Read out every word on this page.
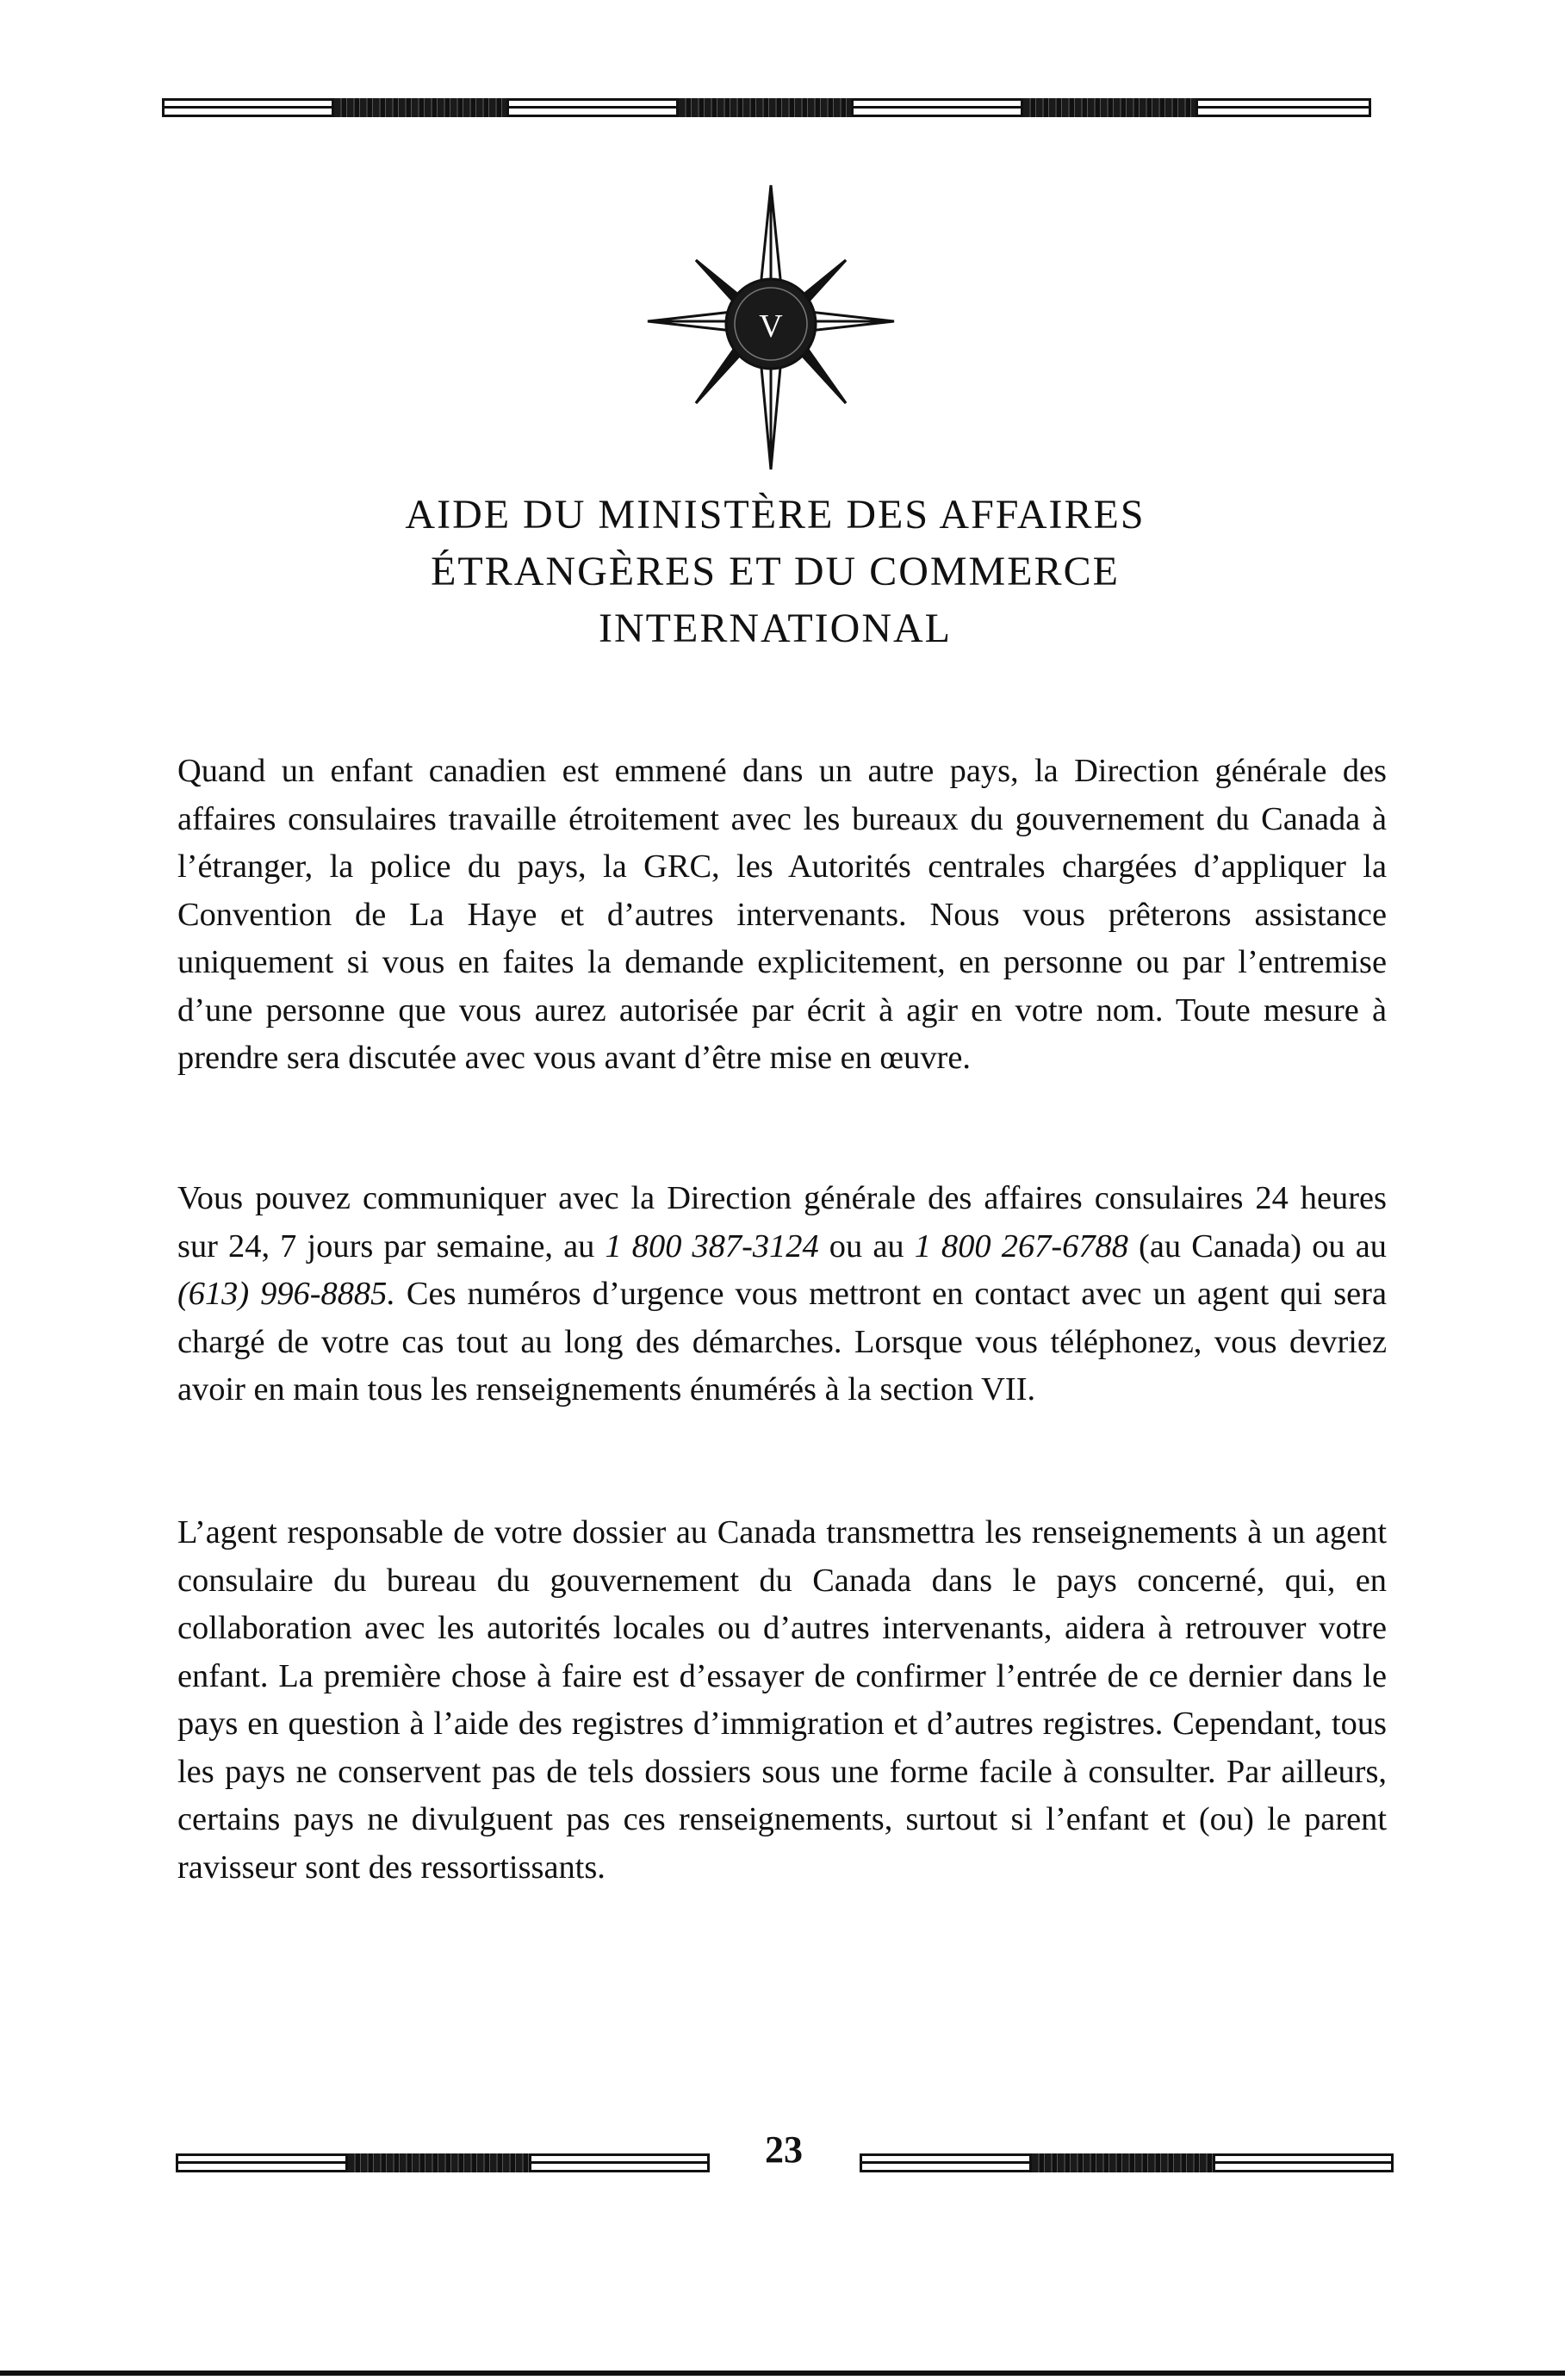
V
AIDE DU MINISTÈRE DES AFFAIRES
ÉTRANGÈRES ET DU COMMERCE
INTERNATIONAL

Quand un enfant canadien est emmené dans un autre pays, la Direction générale des affaires consulaires travaille étroitement avec les bureaux du gouvernement du Canada à l’étranger, la police du pays, la GRC, les Autorités centrales chargées d’appliquer la Convention de La Haye et d’autres intervenants. Nous vous prêterons assistance uniquement si vous en faites la demande explicitement, en personne ou par l’entremise d’une personne que vous aurez autorisée par écrit à agir en votre nom. Toute mesure à prendre sera discutée avec vous avant d’être mise en œuvre.

Vous pouvez communiquer avec la Direction générale des affaires consulaires 24 heures sur 24, 7 jours par semaine, au 1 800 387-3124 ou au 1 800 267-6788 (au Canada) ou au (613) 996-8885. Ces numéros d’urgence vous mettront en contact avec un agent qui sera chargé de votre cas tout au long des démarches. Lorsque vous téléphonez, vous devriez avoir en main tous les renseignements énumérés à la section VII.

L’agent responsable de votre dossier au Canada transmettra les renseignements à un agent consulaire du bureau du gouvernement du Canada dans le pays concerné, qui, en collaboration avec les autorités locales ou d’autres intervenants, aidera à retrouver votre enfant. La première chose à faire est d’essayer de confirmer l’entrée de ce dernier dans le pays en question à l’aide des registres d’immigration et d’autres registres. Cependant, tous les pays ne conservent pas de tels dossiers sous une forme facile à consulter. Par ailleurs, certains pays ne divulguent pas ces renseignements, surtout si l’enfant et (ou) le parent ravisseur sont des ressortissants.

23
